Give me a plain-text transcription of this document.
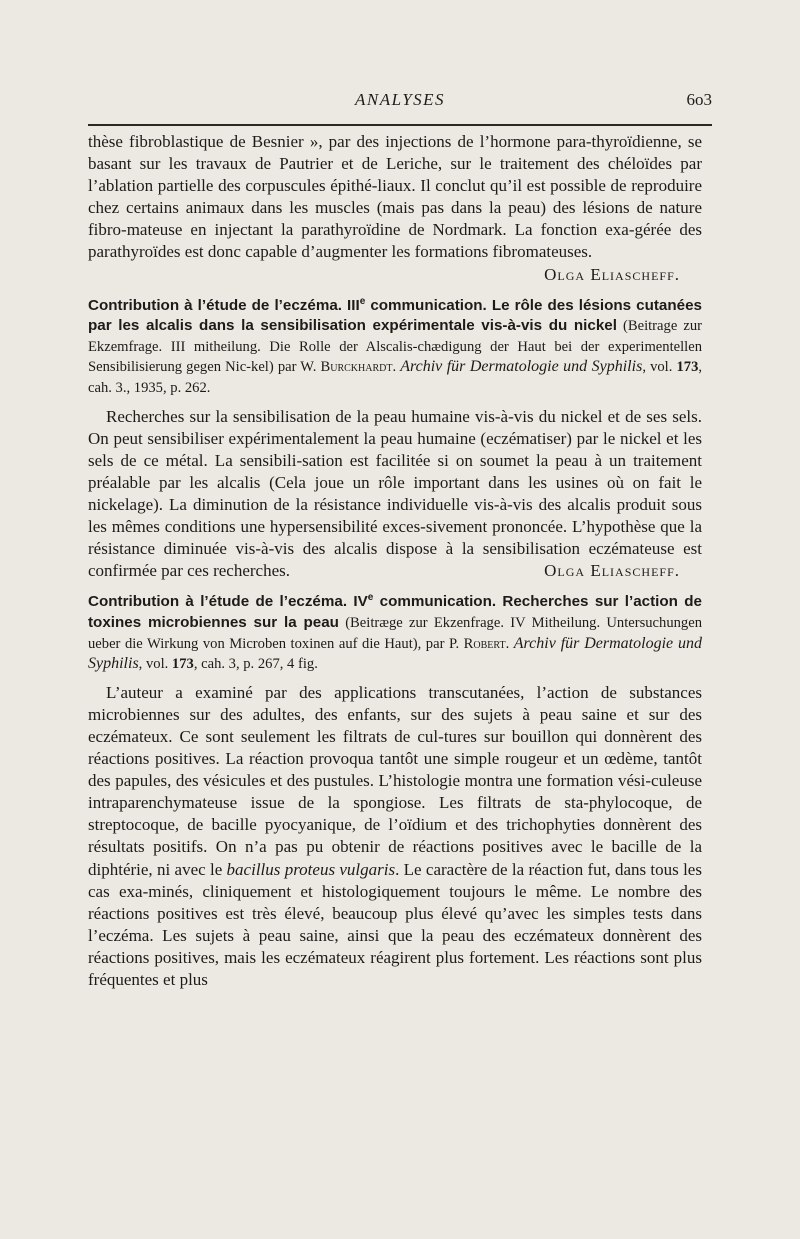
ANALYSES	6o3

thèse fibroblastique de Besnier », par des injections de l’hormone para-thyroïdienne, se basant sur les travaux de Pautrier et de Leriche, sur le traitement des chéloïdes par l’ablation partielle des corpuscules épithé-liaux. Il conclut qu’il est possible de reproduire chez certains animaux dans les muscles (mais pas dans la peau) des lésions de nature fibro-mateuse en injectant la parathyroïdine de Nordmark. La fonction exa-gérée des parathyroïdes est donc capable d’augmenter les formations fibromateuses.
Olga Eliascheff.

Contribution à l’étude de l’eczéma. IIIe communication. Le rôle des lésions cutanées par les alcalis dans la sensibilisation expérimentale vis-à-vis du nickel (Beitrage zur Ekzemfrage. III mitheilung. Die Rolle der Alscalis-chædigung der Haut bei der experimentellen Sensibilisierung gegen Nic-kel) par W. Burckhardt. Archiv für Dermatologie und Syphilis, vol. 173, cah. 3., 1935, p. 262.

Recherches sur la sensibilisation de la peau humaine vis-à-vis du nickel et de ses sels. On peut sensibiliser expérimentalement la peau humaine (eczématiser) par le nickel et les sels de ce métal. La sensibili-sation est facilitée si on soumet la peau à un traitement préalable par les alcalis (Cela joue un rôle important dans les usines où on fait le nickelage). La diminution de la résistance individuelle vis-à-vis des alcalis produit sous les mêmes conditions une hypersensibilité exces-sivement prononcée. L’hypothèse que la résistance diminuée vis-à-vis des alcalis dispose à la sensibilisation eczémateuse est confirmée par ces recherches.	Olga Eliascheff.

Contribution à l’étude de l’eczéma. IVe communication. Recherches sur l’action de toxines microbiennes sur la peau (Beitræge zur Ekzenfrage. IV Mitheilung. Untersuchungen ueber die Wirkung von Microben toxinen auf die Haut), par P. Robert. Archiv für Dermatologie und Syphilis, vol. 173, cah. 3, p. 267, 4 fig.

L’auteur a examiné par des applications transcutanées, l’action de substances microbiennes sur des adultes, des enfants, sur des sujets à peau saine et sur des eczémateux. Ce sont seulement les filtrats de cul-tures sur bouillon qui donnèrent des réactions positives. La réaction provoqua tantôt une simple rougeur et un œdème, tantôt des papules, des vésicules et des pustules. L’histologie montra une formation vési-culeuse intraparenchymateuse issue de la spongiose. Les filtrats de sta-phylocoque, de streptocoque, de bacille pyocyanique, de l’oïdium et des trichophyties donnèrent des résultats positifs. On n’a pas pu obtenir de réactions positives avec le bacille de la diphtérie, ni avec le bacillus proteus vulgaris. Le caractère de la réaction fut, dans tous les cas exa-minés, cliniquement et histologiquement toujours le même. Le nombre des réactions positives est très élevé, beaucoup plus élevé qu’avec les simples tests dans l’eczéma. Les sujets à peau saine, ainsi que la peau des eczémateux donnèrent des réactions positives, mais les eczémateux réagirent plus fortement. Les réactions sont plus fréquentes et plus
